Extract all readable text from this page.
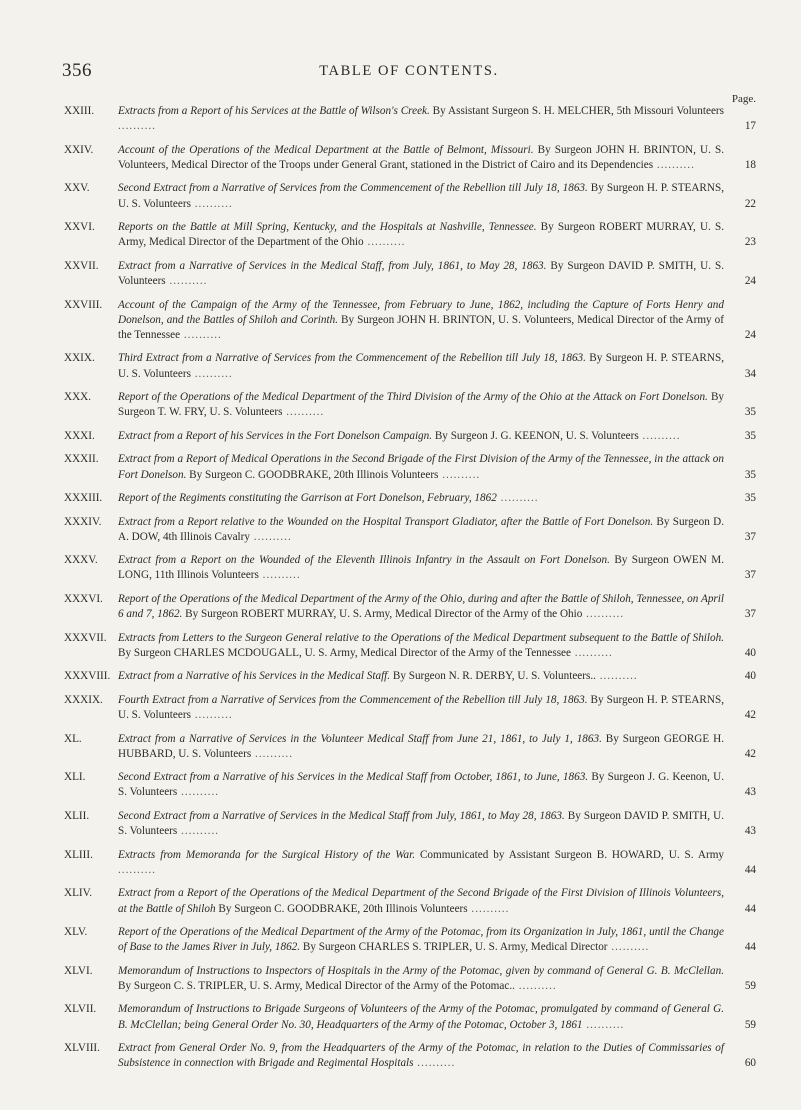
356	TABLE OF CONTENTS.
Page.
XXIII. Extracts from a Report of his Services at the Battle of Wilson's Creek. By Assistant Surgeon S. H. MELCHER, 5th Missouri Volunteers ..........	17
XXIV. Account of the Operations of the Medical Department at the Battle of Belmont, Missouri. By Surgeon JOHN H. BRINTON, U. S. Volunteers, Medical Director of the Troops under General Grant, stationed in the District of Cairo and its Dependencies ..........	18
XXV.	Second Extract from a Narrative of Services from the Commencement of the Rebellion till July 18, 1863. By Surgeon H. P. STEARNS, U. S. Volunteers ..........	22
XXVI. Reports on the Battle at Mill Spring, Kentucky, and the Hospitals at Nashville, Tennessee. By Surgeon ROBERT MURRAY, U. S. Army, Medical Director of the Department of the Ohio ..........	23
XXVII. Extract from a Narrative of Services in the Medical Staff, from July, 1861, to May 28, 1863. By Surgeon DAVID P. SMITH, U. S. Volunteers ..........	24
XXVIII. Account of the Campaign of the Army of the Tennessee, from February to June, 1862, including the Capture of Forts Henry and Donelson, and the Battles of Shiloh and Corinth. By Surgeon JOHN H. BRINTON, U. S. Volunteers, Medical Director of the Army of the Tennessee ..........	24
XXIX. Third Extract from a Narrative of Services from the Commencement of the Rebellion till July 18, 1863. By Surgeon H. P. STEARNS, U. S. Volunteers ..........	34
XXX. Report of the Operations of the Medical Department of the Third Division of the Army of the Ohio at the Attack on Fort Donelson. By Surgeon T. W. FRY, U. S. Volunteers ..........	35
XXXI. Extract from a Report of his Services in the Fort Donelson Campaign. By Surgeon J. G. KEENON, U. S. Volunteers ..........	35
XXXII. Extract from a Report of Medical Operations in the Second Brigade of the First Division of the Army of the Tennessee, in the attack on Fort Donelson. By Surgeon C. GOODBRAKE, 20th Illinois Volunteers ..........	35
XXXIII. Report of the Regiments constituting the Garrison at Fort Donelson, February, 1862 ..........	35
XXXIV. Extract from a Report relative to the Wounded on the Hospital Transport Gladiator, after the Battle of Fort Donelson. By Surgeon D. A. DOW, 4th Illinois Cavalry ..........	37
XXXV. Extract from a Report on the Wounded of the Eleventh Illinois Infantry in the Assault on Fort Donelson. By Surgeon OWEN M. LONG, 11th Illinois Volunteers ..........	37
XXXVI. Report of the Operations of the Medical Department of the Army of the Ohio, during and after the Battle of Shiloh, Tennessee, on April 6 and 7, 1862. By Surgeon ROBERT MURRAY, U. S. Army, Medical Director of the Army of the Ohio ..........	37
XXXVII. Extracts from Letters to the Surgeon General relative to the Operations of the Medical Department subsequent to the Battle of Shiloh. By Surgeon CHARLES MCDOUGALL, U. S. Army, Medical Director of the Army of the Tennessee ..........	40
XXXVIII. Extract from a Narrative of his Services in the Medical Staff. By Surgeon N. R. DERBY, U. S. Volunteers.. ..........	40
XXXIX. Fourth Extract from a Narrative of Services from the Commencement of the Rebellion till July 18, 1863. By Surgeon H. P. STEARNS, U. S. Volunteers ..........	42
XL.	Extract from a Narrative of Services in the Volunteer Medical Staff from June 21, 1861, to July 1, 1863. By Surgeon GEORGE H. HUBBARD, U. S. Volunteers ..........	42
XLI.	Second Extract from a Narrative of his Services in the Medical Staff from October, 1861, to June, 1863. By Surgeon J. G. Keenon, U. S. Volunteers ..........	43
XLII.	Second Extract from a Narrative of Services in the Medical Staff from July, 1861, to May 28, 1863. By Surgeon DAVID P. SMITH, U. S. Volunteers ..........	43
XLIII. Extracts from Memoranda for the Surgical History of the War. Communicated by Assistant Surgeon B. HOWARD, U. S. Army ..........	44
XLIV. Extract from a Report of the Operations of the Medical Department of the Second Brigade of the First Division of Illinois Volunteers, at the Battle of Shiloh By Surgeon C. GOODBRAKE, 20th Illinois Volunteers ..........	44
XLV.	Report of the Operations of the Medical Department of the Army of the Potomac, from its Organization in July, 1861, until the Change of Base to the James River in July, 1862. By Surgeon CHARLES S. TRIPLER, U. S. Army, Medical Director ..........	44
XLVI. Memorandum of Instructions to Inspectors of Hospitals in the Army of the Potomac, given by command of General G. B. McClellan. By Surgeon C. S. TRIPLER, U. S. Army, Medical Director of the Army of the Potomac.. ..........	59
XLVII. Memorandum of Instructions to Brigade Surgeons of Volunteers of the Army of the Potomac, promulgated by command of General G. B. McClellan; being General Order No. 30, Headquarters of the Army of the Potomac, October 3, 1861 ..........	59
XLVIII. Extract from General Order No. 9, from the Headquarters of the Army of the Potomac, in relation to the Duties of Commissaries of Subsistence in connection with Brigade and Regimental Hospitals ..........	60
